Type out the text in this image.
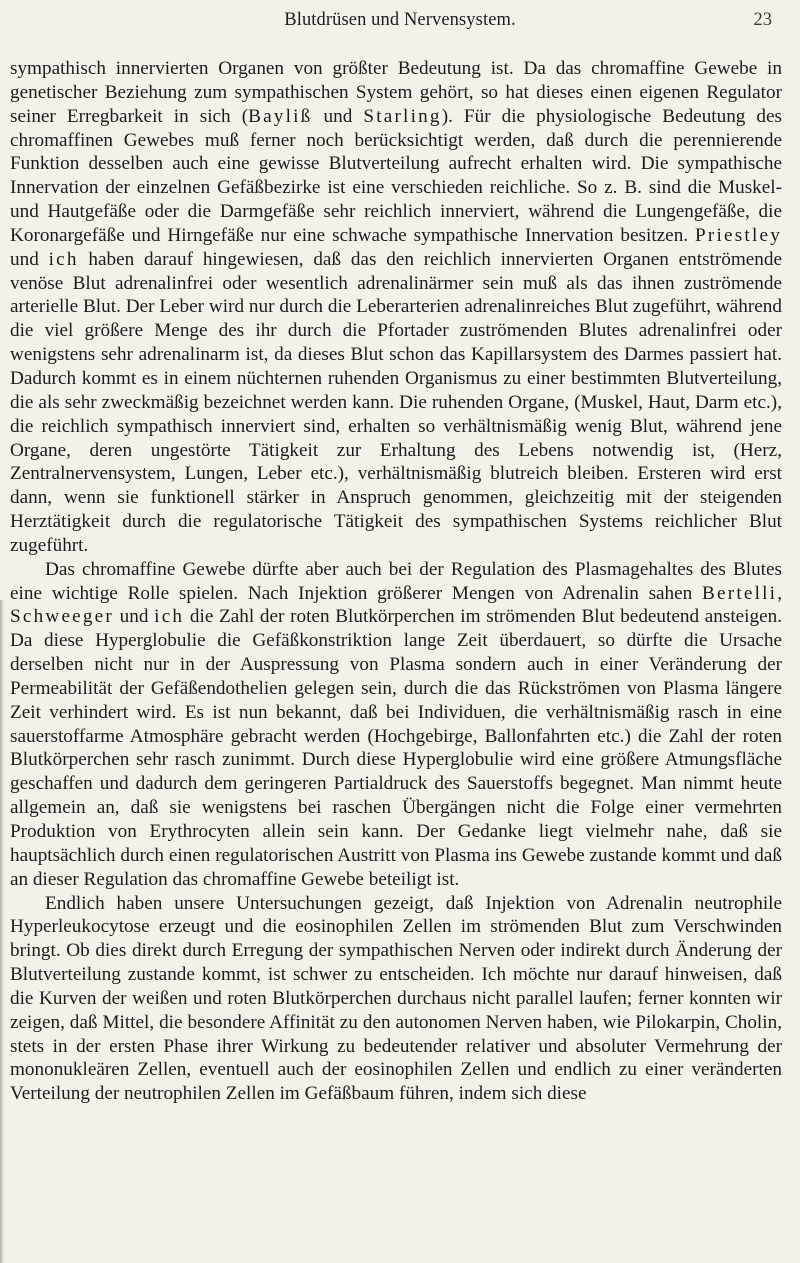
Blutdrüsen und Nervensystem.	23

sympathisch innervierten Organen von größter Bedeutung ist. Da das chromaffine Gewebe in genetischer Beziehung zum sympathischen System gehört, so hat dieses einen eigenen Regulator seiner Erregbarkeit in sich (Bayliß und Starling). Für die physiologische Bedeutung des chromaffinen Gewebes muß ferner noch berücksichtigt werden, daß durch die perennierende Funktion desselben auch eine gewisse Blutverteilung aufrecht erhalten wird. Die sympathische Innervation der einzelnen Gefäßbezirke ist eine verschieden reichliche. So z. B. sind die Muskel- und Hautgefäße oder die Darmgefäße sehr reichlich innerviert, während die Lungengefäße, die Koronargefäße und Hirngefäße nur eine schwache sympathische Innervation besitzen. Priestley und ich haben darauf hingewiesen, daß das den reichlich innervierten Organen entströmende venöse Blut adrenalinfrei oder wesentlich adrenalinärmer sein muß als das ihnen zuströmende arterielle Blut. Der Leber wird nur durch die Leberarterien adrenalinreiches Blut zugeführt, während die viel größere Menge des ihr durch die Pfortader zuströmenden Blutes adrenalinfrei oder wenigstens sehr adrenalinarm ist, da dieses Blut schon das Kapillarsystem des Darmes passiert hat. Dadurch kommt es in einem nüchternen ruhenden Organismus zu einer bestimmten Blutverteilung, die als sehr zweckmäßig bezeichnet werden kann. Die ruhenden Organe, (Muskel, Haut, Darm etc.), die reichlich sympathisch innerviert sind, erhalten so verhältnismäßig wenig Blut, während jene Organe, deren ungestörte Tätigkeit zur Erhaltung des Lebens notwendig ist, (Herz, Zentralnervensystem, Lungen, Leber etc.), verhältnismäßig blutreich bleiben. Ersteren wird erst dann, wenn sie funktionell stärker in Anspruch genommen, gleichzeitig mit der steigenden Herztätigkeit durch die regulatorische Tätigkeit des sympathischen Systems reichlicher Blut zugeführt.

Das chromaffine Gewebe dürfte aber auch bei der Regulation des Plasmagehaltes des Blutes eine wichtige Rolle spielen. Nach Injektion größerer Mengen von Adrenalin sahen Bertelli, Schweeger und ich die Zahl der roten Blutkörperchen im strömenden Blut bedeutend ansteigen. Da diese Hyperglobulie die Gefäßkonstriktion lange Zeit überdauert, so dürfte die Ursache derselben nicht nur in der Auspressung von Plasma sondern auch in einer Veränderung der Permeabilität der Gefäßendothelien gelegen sein, durch die das Rückströmen von Plasma längere Zeit verhindert wird. Es ist nun bekannt, daß bei Individuen, die verhältnismäßig rasch in eine sauerstoffarme Atmosphäre gebracht werden (Hochgebirge, Ballonfahrten etc.) die Zahl der roten Blutkörperchen sehr rasch zunimmt. Durch diese Hyperglobulie wird eine größere Atmungsfläche geschaffen und dadurch dem geringeren Partialdruck des Sauerstoffs begegnet. Man nimmt heute allgemein an, daß sie wenigstens bei raschen Übergängen nicht die Folge einer vermehrten Produktion von Erythrocyten allein sein kann. Der Gedanke liegt vielmehr nahe, daß sie hauptsächlich durch einen regulatorischen Austritt von Plasma ins Gewebe zustande kommt und daß an dieser Regulation das chromaffine Gewebe beteiligt ist.

Endlich haben unsere Untersuchungen gezeigt, daß Injektion von Adrenalin neutrophile Hyperleukocytose erzeugt und die eosinophilen Zellen im strömenden Blut zum Verschwinden bringt. Ob dies direkt durch Erregung der sympathischen Nerven oder indirekt durch Änderung der Blutverteilung zustande kommt, ist schwer zu entscheiden. Ich möchte nur darauf hinweisen, daß die Kurven der weißen und roten Blutkörperchen durchaus nicht parallel laufen; ferner konnten wir zeigen, daß Mittel, die besondere Affinität zu den autonomen Nerven haben, wie Pilokarpin, Cholin, stets in der ersten Phase ihrer Wirkung zu bedeutender relativer und absoluter Vermehrung der mononukleären Zellen, eventuell auch der eosinophilen Zellen und endlich zu einer veränderten Verteilung der neutrophilen Zellen im Gefäßbaum führen, indem sich diese
